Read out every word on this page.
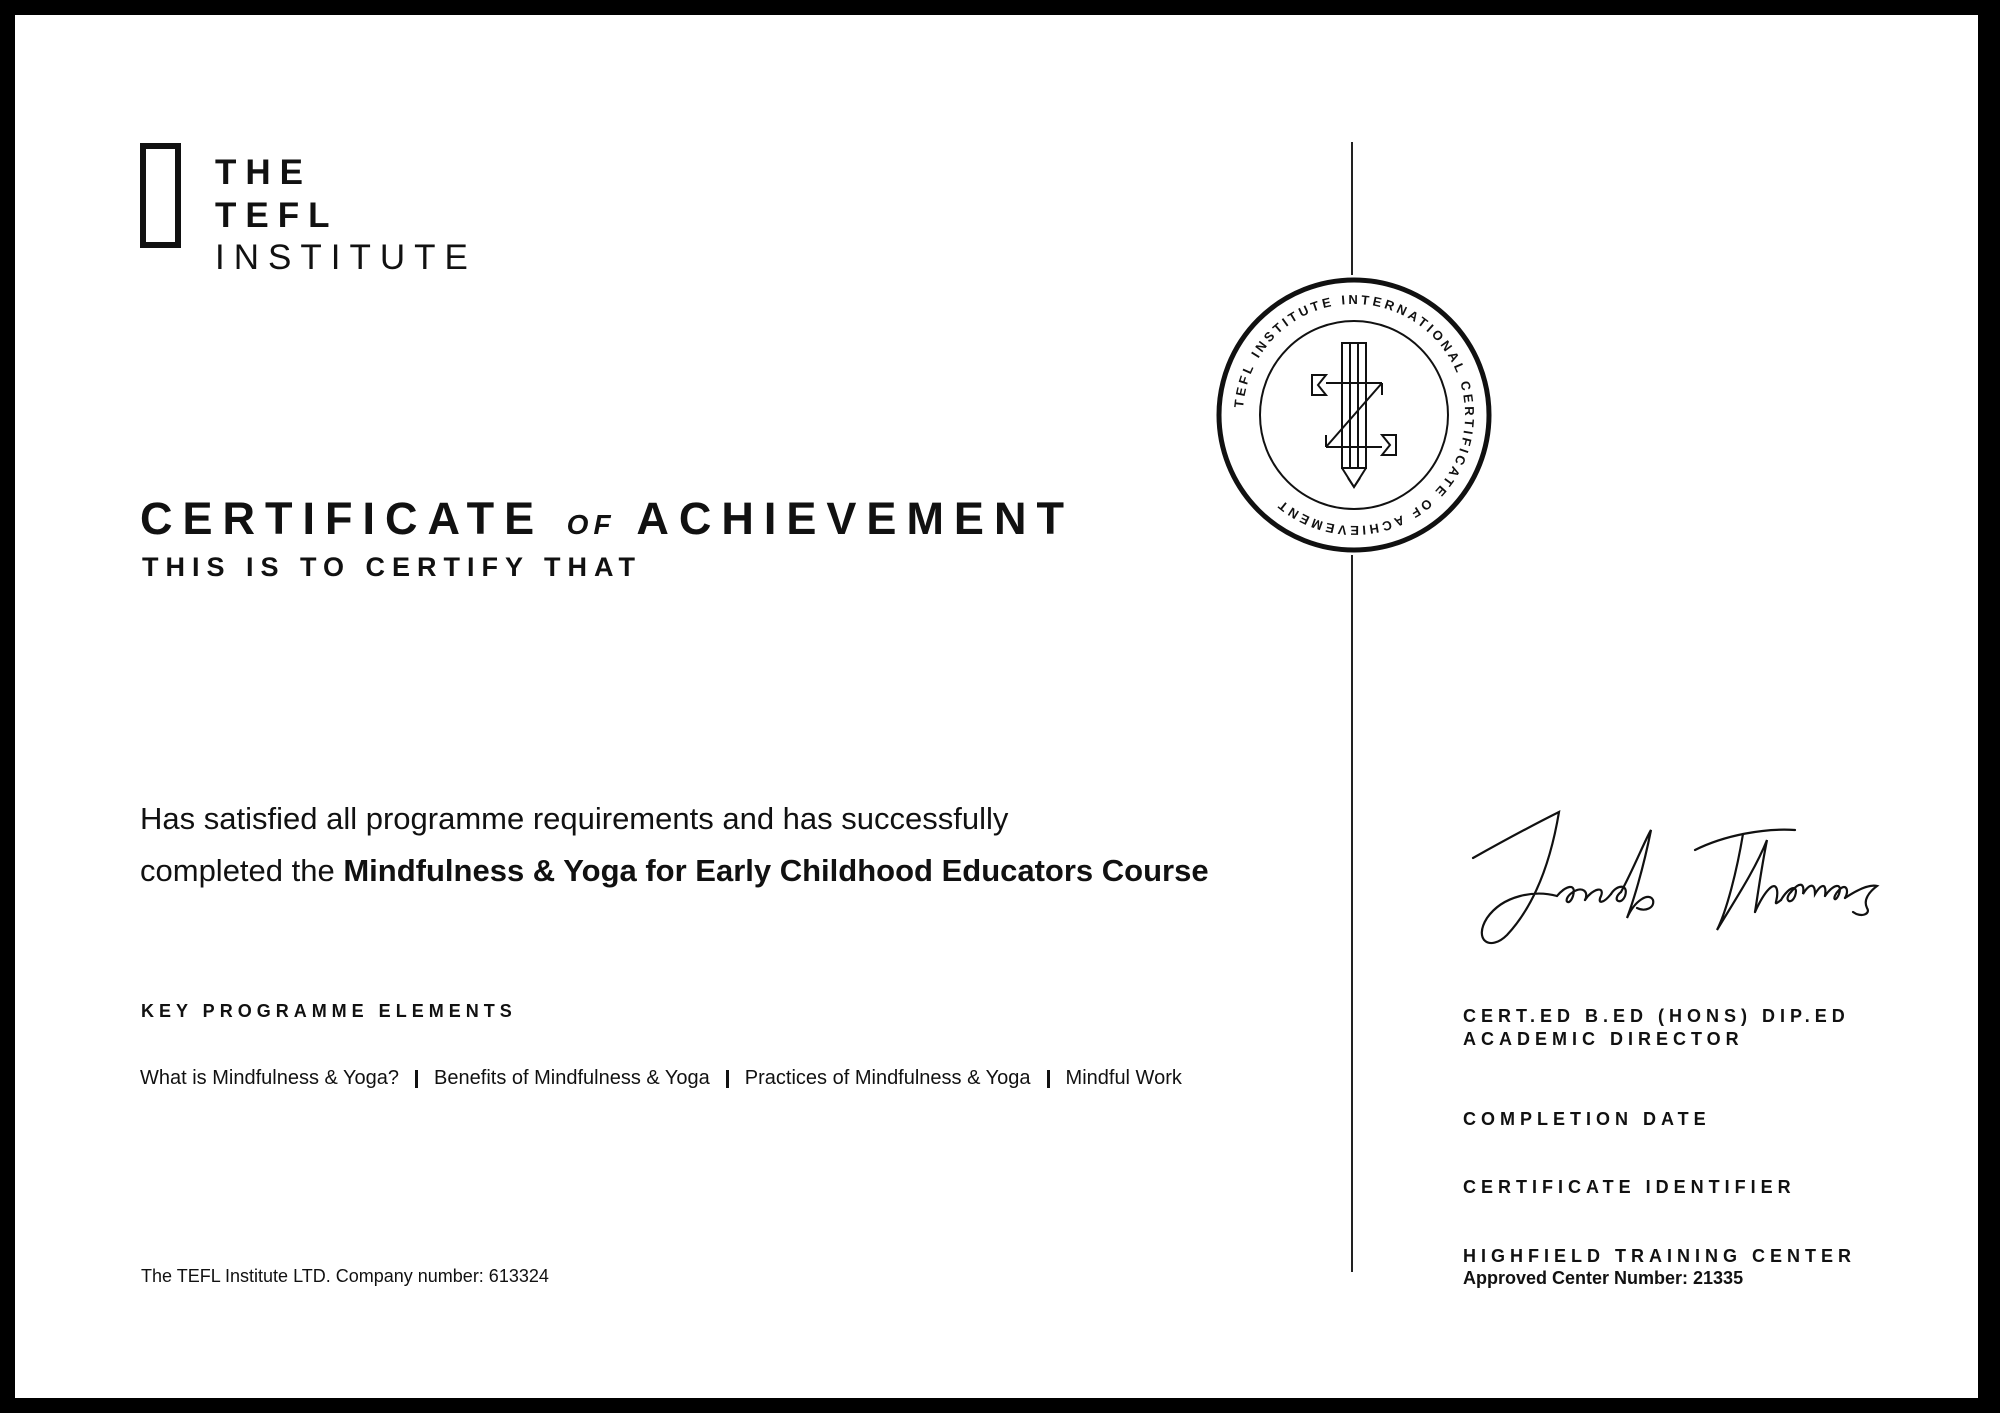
THE
TEFL
INSTITUTE
TEFL INSTITUTE INTERNATIONAL CERTIFICATE OF ACHIEVEMENT
CERTIFICATE OF ACHIEVEMENT
THIS IS TO CERTIFY THAT
Has satisfied all programme requirements and has successfully
completed the Mindfulness & Yoga for Early Childhood Educators Course
KEY PROGRAMME ELEMENTS
What is Mindfulness & Yoga? Benefits of Mindfulness & Yoga Practices of Mindfulness & Yoga Mindful Work
The TEFL Institute LTD. Company number: 613324
CERT.ED B.ED (HONS) DIP.ED
ACADEMIC DIRECTOR
COMPLETION DATE
CERTIFICATE IDENTIFIER
HIGHFIELD TRAINING CENTER
Approved Center Number: 21335
